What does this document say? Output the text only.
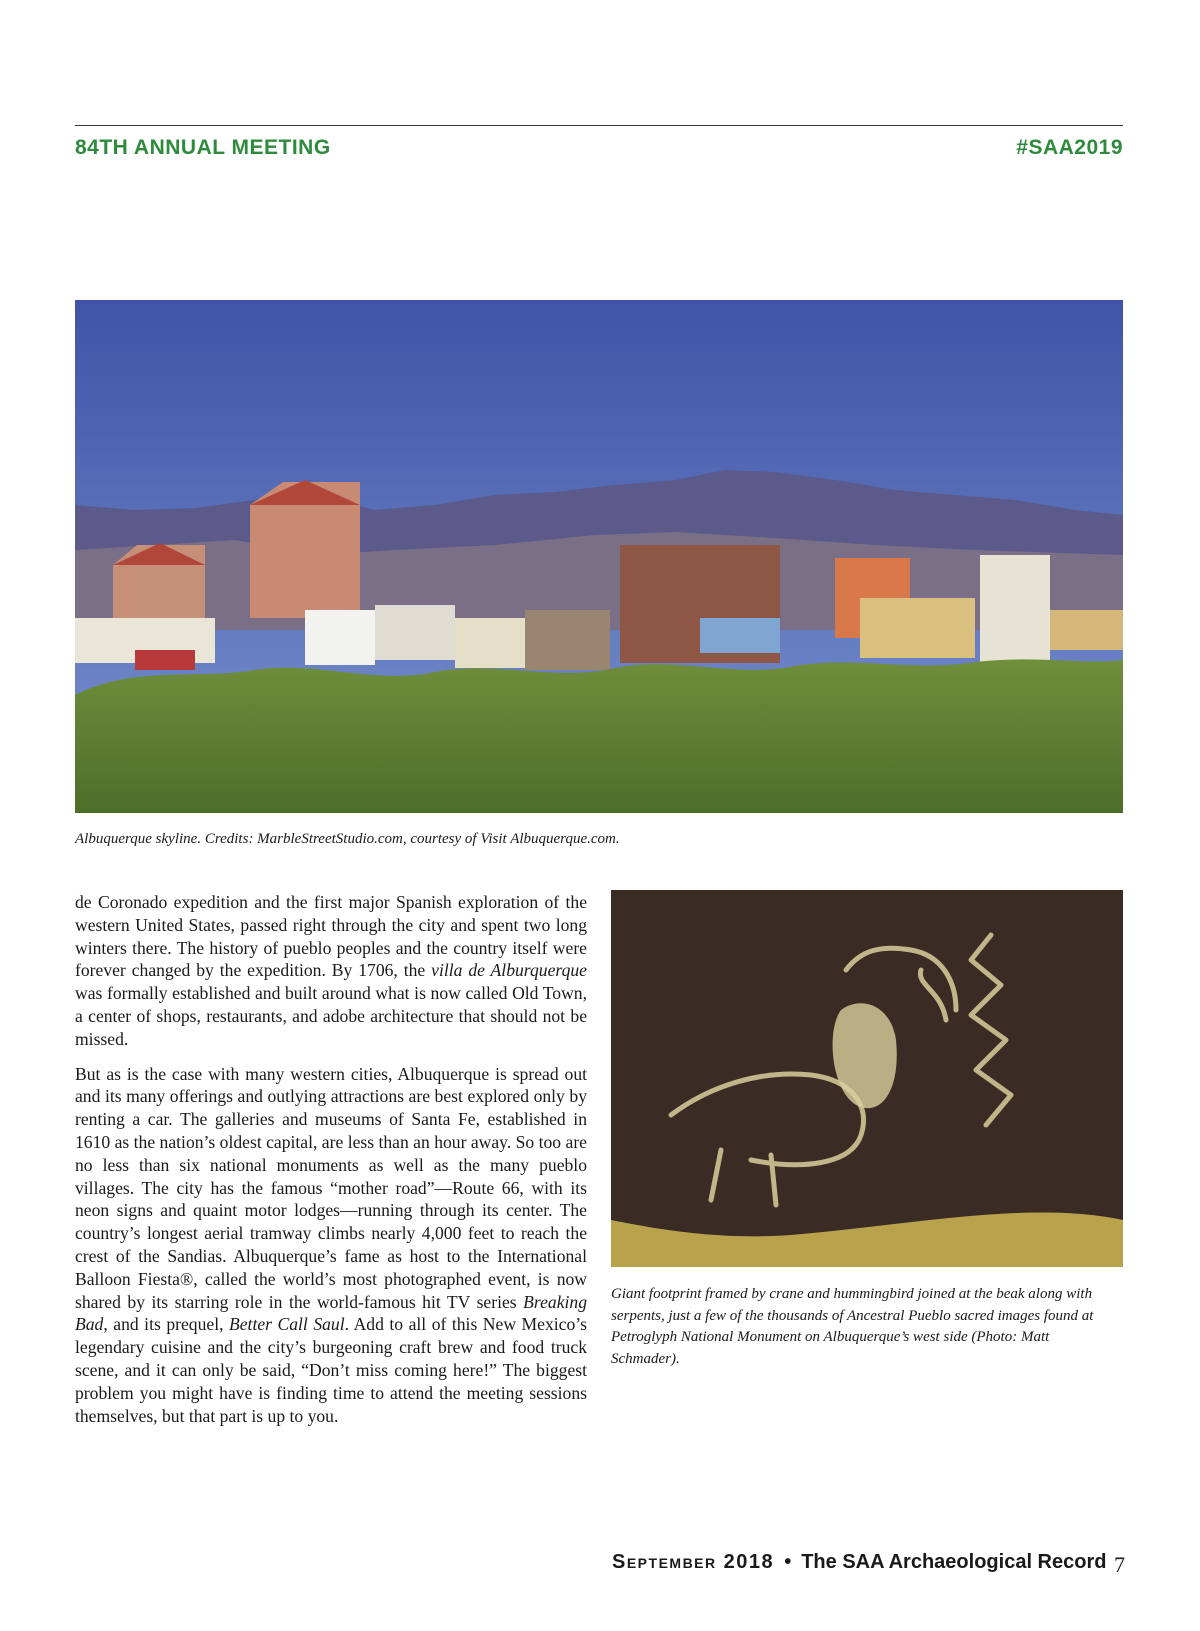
84TH ANNUAL MEETING	#SAA2019
Albuquerque skyline. Credits: MarbleStreetStudio.com, courtesy of Visit Albuquerque.com.

de Coronado expedition and the first major Spanish exploration of the western United States, passed right through the city and spent two long winters there. The history of pueblo peoples and the country itself were forever changed by the expedition. By 1706, the villa de Alburquerque was formally established and built around what is now called Old Town, a center of shops, restaurants, and adobe architecture that should not be missed.

But as is the case with many western cities, Albuquerque is spread out and its many offerings and outlying attractions are best explored only by renting a car. The galleries and museums of Santa Fe, established in 1610 as the nation’s oldest capital, are less than an hour away. So too are no less than six national monuments as well as the many pueblo villages. The city has the famous “mother road”—Route 66, with its neon signs and quaint motor lodges—running through its center. The country’s longest aerial tramway climbs nearly 4,000 feet to reach the crest of the Sandias. Albuquerque’s fame as host to the International Balloon Fiesta®, called the world’s most photographed event, is now shared by its starring role in the world-famous hit TV series Breaking Bad, and its prequel, Better Call Saul. Add to all of this New Mexico’s legendary cuisine and the city’s burgeoning craft brew and food truck scene, and it can only be said, “Don’t miss coming here!” The biggest problem you might have is finding time to attend the meeting sessions themselves, but that part is up to you.

Giant footprint framed by crane and hummingbird joined at the beak along with serpents, just a few of the thousands of Ancestral Pueblo sacred images found at Petroglyph National Monument on Albuquerque’s west side (Photo: Matt Schmader).
September 2018 • The SAA Archaeological Record 7
